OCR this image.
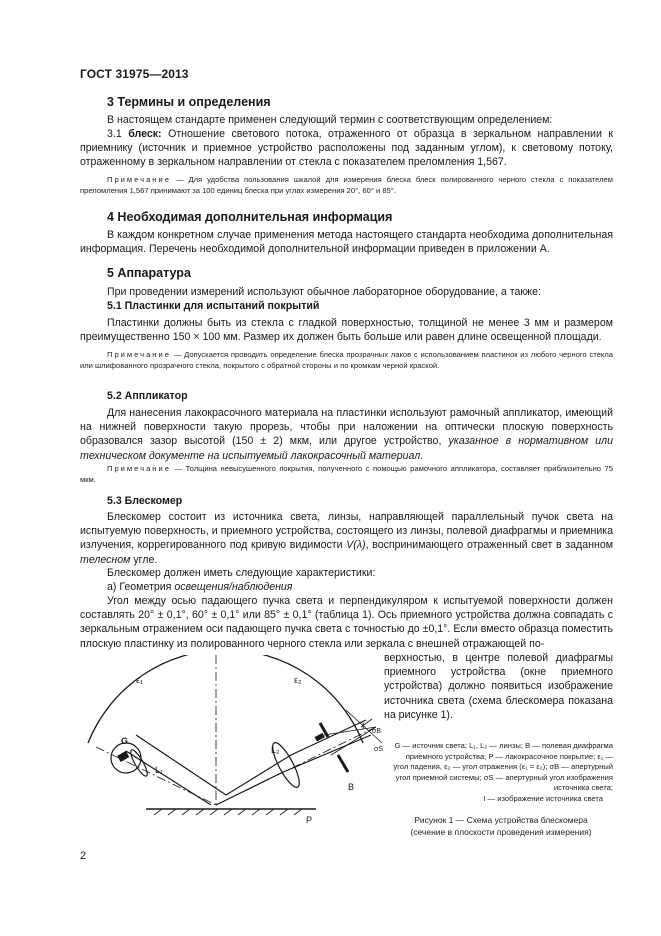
ГОСТ 31975—2013
3 Термины и определения
В настоящем стандарте применен следующий термин с соответствующим определением:
3.1 блеск: Отношение светового потока, отраженного от образца в зеркальном направлении к приемнику (источник и приемное устройство расположены под заданным углом), к световому потоку, отраженному в зеркальном направлении от стекла с показателем преломления 1,567.
Примечание — Для удобства пользования шкалой для измерения блеска блеск полированного черного стекла с показателем преломления 1,567 принимают за 100 единиц блеска при углах измерения 20°, 60° и 85°.
4 Необходимая дополнительная информация
В каждом конкретном случае применения метода настоящего стандарта необходима дополнительная информация. Перечень необходимой дополнительной информации приведен в приложении А.
5 Аппаратура
При проведении измерений используют обычное лабораторное оборудование, а также:
5.1 Пластинки для испытаний покрытий
Пластинки должны быть из стекла с гладкой поверхностью, толщиной не менее 3 мм и размером преимущественно 150 × 100 мм. Размер их должен быть больше или равен длине освещенной площади.
Примечание — Допускается проводить определение блеска прозрачных лаков с использованием пластинок из любого черного стекла или шлифованного прозрачного стекла, покрытого с обратной стороны и по кромкам черной краской.
5.2 Аппликатор
Для нанесения лакокрасочного материала на пластинки используют рамочный аппликатор, имеющий на нижней поверхности такую прорезь, чтобы при наложении на оптически плоскую поверхность образовался зазор высотой (150 ± 2) мкм, или другое устройство, указанное в нормативном или техническом документе на испытуемый лакокрасочный материал.
Примечание — Толщина невысушенного покрытия, полученного с помощью рамочного аппликатора, составляет приблизительно 75 мкм.
5.3 Блескомер
Блескомер состоит из источника света, линзы, направляющей параллельный пучок света на испытуемую поверхность, и приемного устройства, состоящего из линзы, полевой диафрагмы и приемника излучения, коррегированного под кривую видимости V(λ), воспринимающего отраженный свет в заданном телесном угле.
Блескомер должен иметь следующие характеристики:
а) Геометрия освещения/наблюдения
Угол между осью падающего пучка света и перпендикуляром к испытуемой поверхности должен составлять 20° ± 0,1°, 60° ± 0,1° или 85° ± 0,1° (таблица 1). Ось приемного устройства должна совпадать с зеркальным отражением оси падающего пучка света с точностью до ±0,1°. Если вместо образца поместить плоскую пластинку из полированного черного стекла или зеркала с внешней отражающей по-
верхностью, в центре полевой диафрагмы приемного устройства (окне приемного устройства) должно появиться изображение источника света (схема блескомера показана на рисунке 1).
G
L₁
L₂
B
P
I
ε₁	ε₂
σB
σS	G — источник света; L₁, L₂ — линзы; B — полевая диафрагма приемного устройства; P — лакокрасочное покрытие; ε₁ — угол падения, ε₂ — угол отражения (ε₁ = ε₂); σB — апертурный угол приемной системы; σS — апертурный угол изображения источника света;
I — изображение источника света
Рисунок 1 — Схема устройства блескомера
(сечение в плоскости проведения измерения)
2
